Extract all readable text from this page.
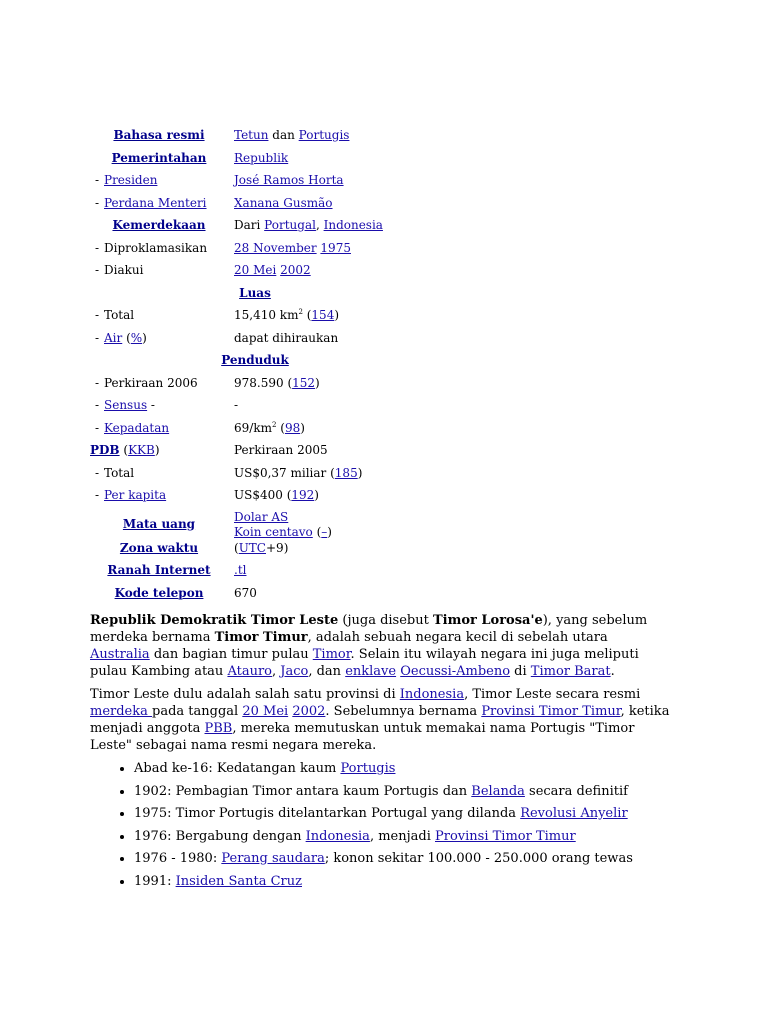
Bahasa resmi	Tetun dan Portugis
Pemerintahan	Republik
- Presiden	José Ramos Horta
- Perdana Menteri	Xanana Gusmão
Kemerdekaan	Dari Portugal, Indonesia
- Diproklamasikan	28 November 1975
- Diakui	20 Mei 2002
Luas
- Total	15,410 $km^2$ (154)
- Air (%)	dapat dihiraukan
Penduduk
- Perkiraan 2006	978.590 (152)
- Sensus -	-
- Kepadatan	$69/km^2$ (98)
PDB (KKB)	Perkiraan 2005
- Total	US$0,37 miliar (185)
- Per kapita	US$400 (192)
Mata uang	Dolar AS
Koin centavo (–)
Zona waktu	(UTC+9)
Ranah Internet	.tl
Kode telepon	670

Republik Demokratik Timor Leste (juga disebut Timor Lorosa'e), yang sebelum merdeka bernama Timor Timur, adalah sebuah negara kecil di sebelah utara Australia dan bagian timur pulau Timor. Selain itu wilayah negara ini juga meliputi pulau Kambing atau Atauro, Jaco, dan enklave Oecussi-Ambeno di Timor Barat.

Timor Leste dulu adalah salah satu provinsi di Indonesia, Timor Leste secara resmi merdeka pada tanggal 20 Mei 2002. Sebelumnya bernama Provinsi Timor Timur, ketika menjadi anggota PBB, mereka memutuskan untuk memakai nama Portugis "Timor Leste" sebagai nama resmi negara mereka.

• Abad ke-16: Kedatangan kaum Portugis
• 1902: Pembagian Timor antara kaum Portugis dan Belanda secara definitif
• 1975: Timor Portugis ditelantarkan Portugal yang dilanda Revolusi Anyelir
• 1976: Bergabung dengan Indonesia, menjadi Provinsi Timor Timur
• 1976 - 1980: Perang saudara; konon sekitar 100.000 - 250.000 orang tewas
• 1991: Insiden Santa Cruz
